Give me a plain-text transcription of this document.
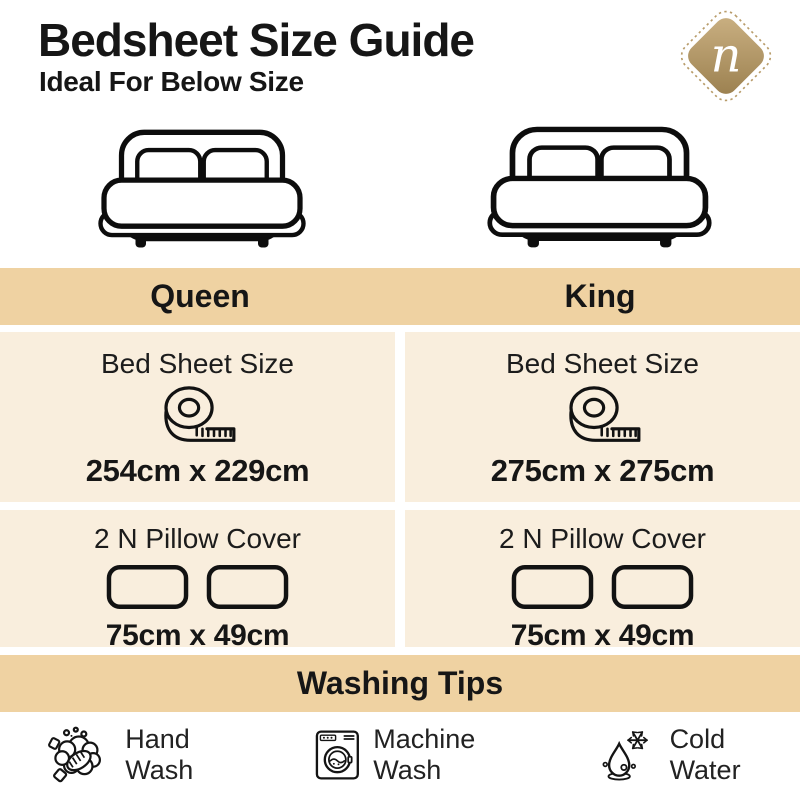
Bedsheet Size Guide
Ideal For Below Size	n
Queen	King
Bed Sheet Size
254cm x 229cm
Bed Sheet Size
275cm x 275cm
2 N Pillow Cover
75cm x 49cm
2 N Pillow Cover
75cm x 49cm
Washing Tips
Hand Wash
Machine Wash
Cold Water
